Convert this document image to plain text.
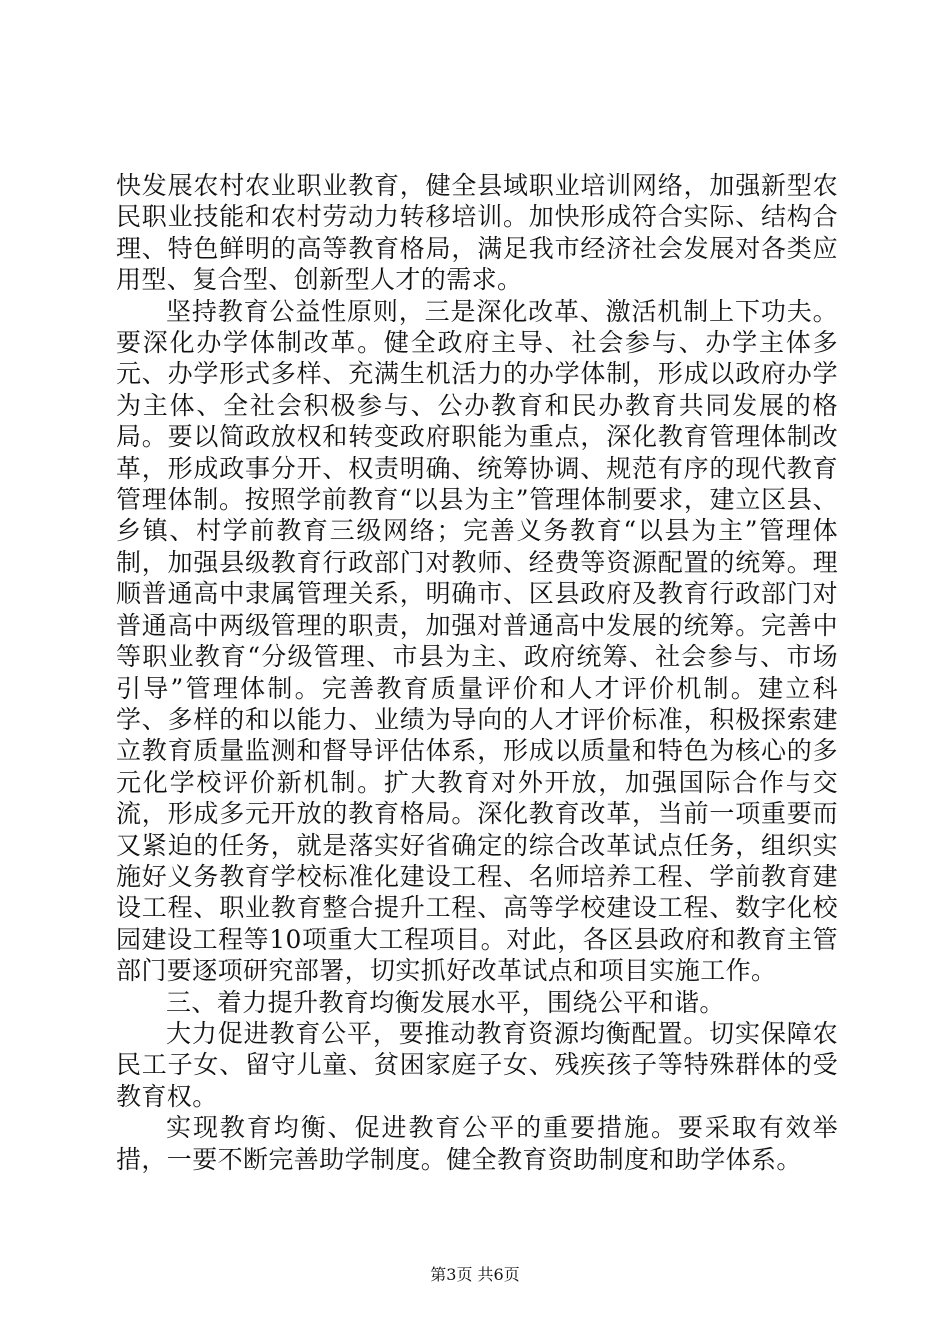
快发展农村农业职业教育，健全县域职业培训网络，加强新型农民职业技能和农村劳动力转移培训。加快形成符合实际、结构合理、特色鲜明的高等教育格局，满足我市经济社会发展对各类应用型、复合型、创新型人才的需求。

坚持教育公益性原则，三是深化改革、激活机制上下功夫。要深化办学体制改革。健全政府主导、社会参与、办学主体多元、办学形式多样、充满生机活力的办学体制，形成以政府办学为主体、全社会积极参与、公办教育和民办教育共同发展的格局。要以简政放权和转变政府职能为重点，深化教育管理体制改革，形成政事分开、权责明确、统筹协调、规范有序的现代教育管理体制。按照学前教育“以县为主”管理体制要求，建立区县、乡镇、村学前教育三级网络；完善义务教育“以县为主”管理体制，加强县级教育行政部门对教师、经费等资源配置的统筹。理顺普通高中隶属管理关系，明确市、区县政府及教育行政部门对普通高中两级管理的职责，加强对普通高中发展的统筹。完善中等职业教育“分级管理、市县为主、政府统筹、社会参与、市场引导”管理体制。完善教育质量评价和人才评价机制。建立科学、多样的和以能力、业绩为导向的人才评价标准，积极探索建立教育质量监测和督导评估体系，形成以质量和特色为核心的多元化学校评价新机制。扩大教育对外开放，加强国际合作与交流，形成多元开放的教育格局。深化教育改革，当前一项重要而又紧迫的任务，就是落实好省确定的综合改革试点任务，组织实施好义务教育学校标准化建设工程、名师培养工程、学前教育建设工程、职业教育整合提升工程、高等学校建设工程、数字化校园建设工程等10项重大工程项目。对此，各区县政府和教育主管部门要逐项研究部署，切实抓好改革试点和项目实施工作。

三、着力提升教育均衡发展水平，围绕公平和谐。

大力促进教育公平，要推动教育资源均衡配置。切实保障农民工子女、留守儿童、贫困家庭子女、残疾孩子等特殊群体的受教育权。

实现教育均衡、促进教育公平的重要措施。要采取有效举措，一要不断完善助学制度。健全教育资助制度和助学体系。

第3页 共6页
